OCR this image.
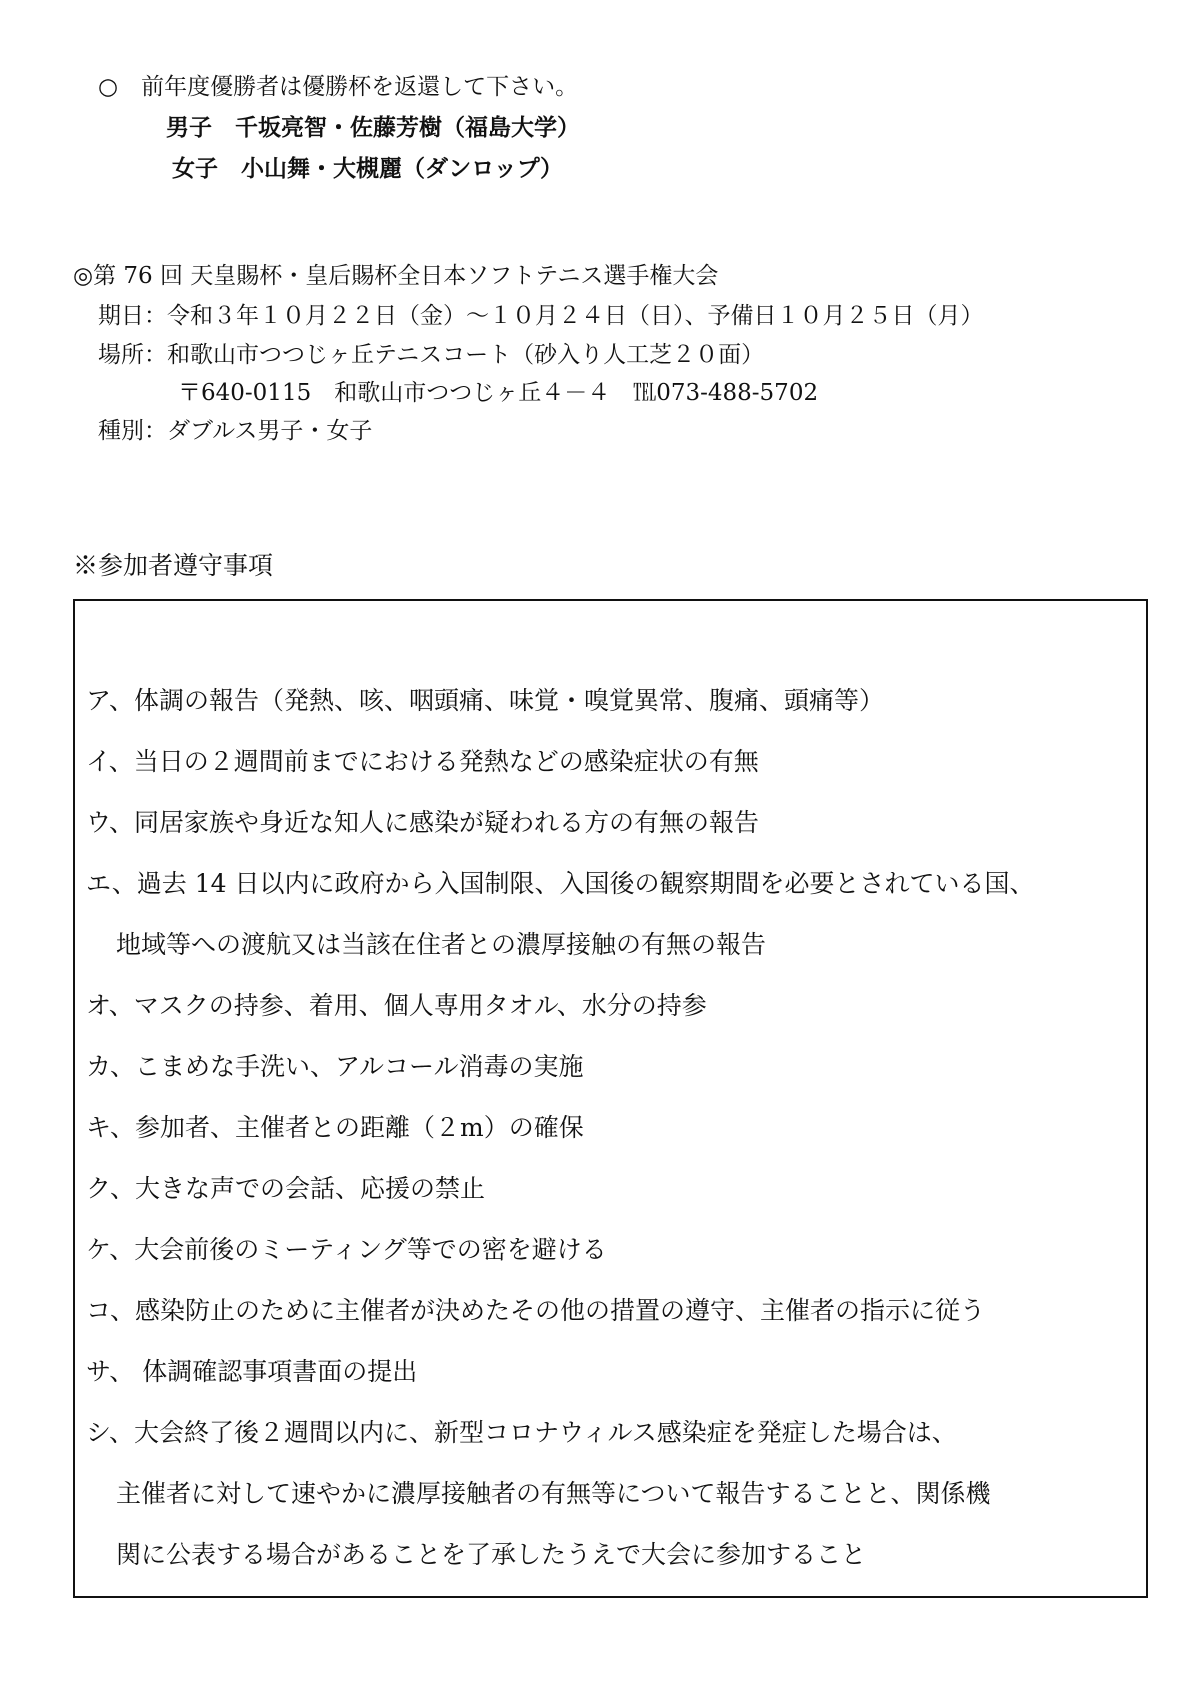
○　前年度優勝者は優勝杯を返還して下さい。
男子　千坂亮智・佐藤芳樹（福島大学）
女子　小山舞・大槻麗（ダンロップ）
◎第 76 回 天皇賜杯・皇后賜杯全日本ソフトテニス選手権大会
期日：令和３年１０月２２日（金）～１０月２４日（日）、予備日１０月２５日（月）
場所：和歌山市つつじヶ丘テニスコート（砂入り人工芝２０面）
〒640-0115　和歌山市つつじヶ丘４－４　℡073-488-5702
種別：ダブルス男子・女子
※参加者遵守事項
ア、体調の報告（発熱、咳、咽頭痛、味覚・嗅覚異常、腹痛、頭痛等）
イ、当日の２週間前までにおける発熱などの感染症状の有無
ウ、同居家族や身近な知人に感染が疑われる方の有無の報告
エ、過去 14 日以内に政府から入国制限、入国後の観察期間を必要とされている国、
地域等への渡航又は当該在住者との濃厚接触の有無の報告
オ、マスクの持参、着用、個人専用タオル、水分の持参
カ、こまめな手洗い、アルコール消毒の実施
キ、参加者、主催者との距離（２m）の確保
ク、大きな声での会話、応援の禁止
ケ、大会前後のミーティング等での密を避ける
コ、感染防止のために主催者が決めたその他の措置の遵守、主催者の指示に従う
サ、 体調確認事項書面の提出
シ、大会終了後２週間以内に、新型コロナウィルス感染症を発症した場合は、
主催者に対して速やかに濃厚接触者の有無等について報告することと、関係機
関に公表する場合があることを了承したうえで大会に参加すること
